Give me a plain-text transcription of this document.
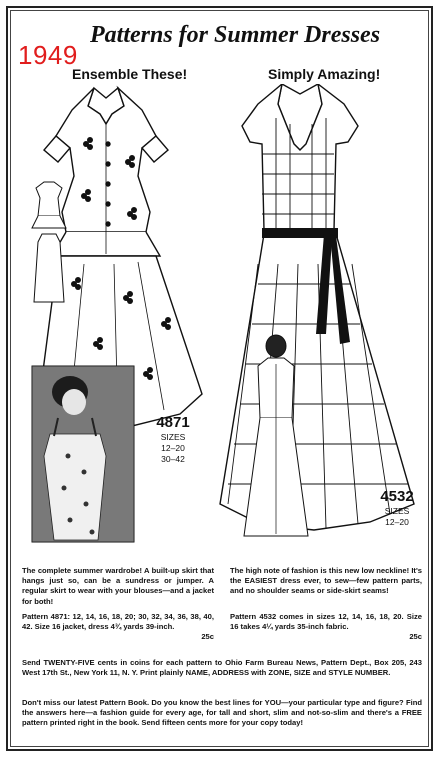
1949
Patterns for Summer Dresses
Ensemble These!	Simply Amazing!
4871
SIZES
12–20
30–42
4532
SIZES
12–20
The complete summer wardrobe! A built-up skirt that hangs just so, can be a sundress or jumper. A regular skirt to wear with your blouses—and a jacket for both!
Pattern 4871: 12, 14, 16, 18, 20; 30, 32, 34, 36, 38, 40, 42. Size 16 jacket, dress 4¾ yards 39-inch.
25c
The high note of fashion is this new low neckline! It's the EASIEST dress ever, to sew—few pattern parts, and no shoulder seams or side-skirt seams!
Pattern 4532 comes in sizes 12, 14, 16, 18, 20. Size 16 takes 4¼ yards 35-inch fabric.
25c
Send TWENTY-FIVE cents in coins for each pattern to Ohio Farm Bureau News, Pattern Dept., Box 205, 243 West 17th St., New York 11, N. Y. Print plainly NAME, ADDRESS with ZONE, SIZE and STYLE NUMBER.
Don't miss our latest Pattern Book. Do you know the best lines for YOU—your particular type and figure? Find the answers here—a fashion guide for every age, for tall and short, slim and not-so-slim and there's a FREE pattern printed right in the book. Send fifteen cents more for your copy today!
